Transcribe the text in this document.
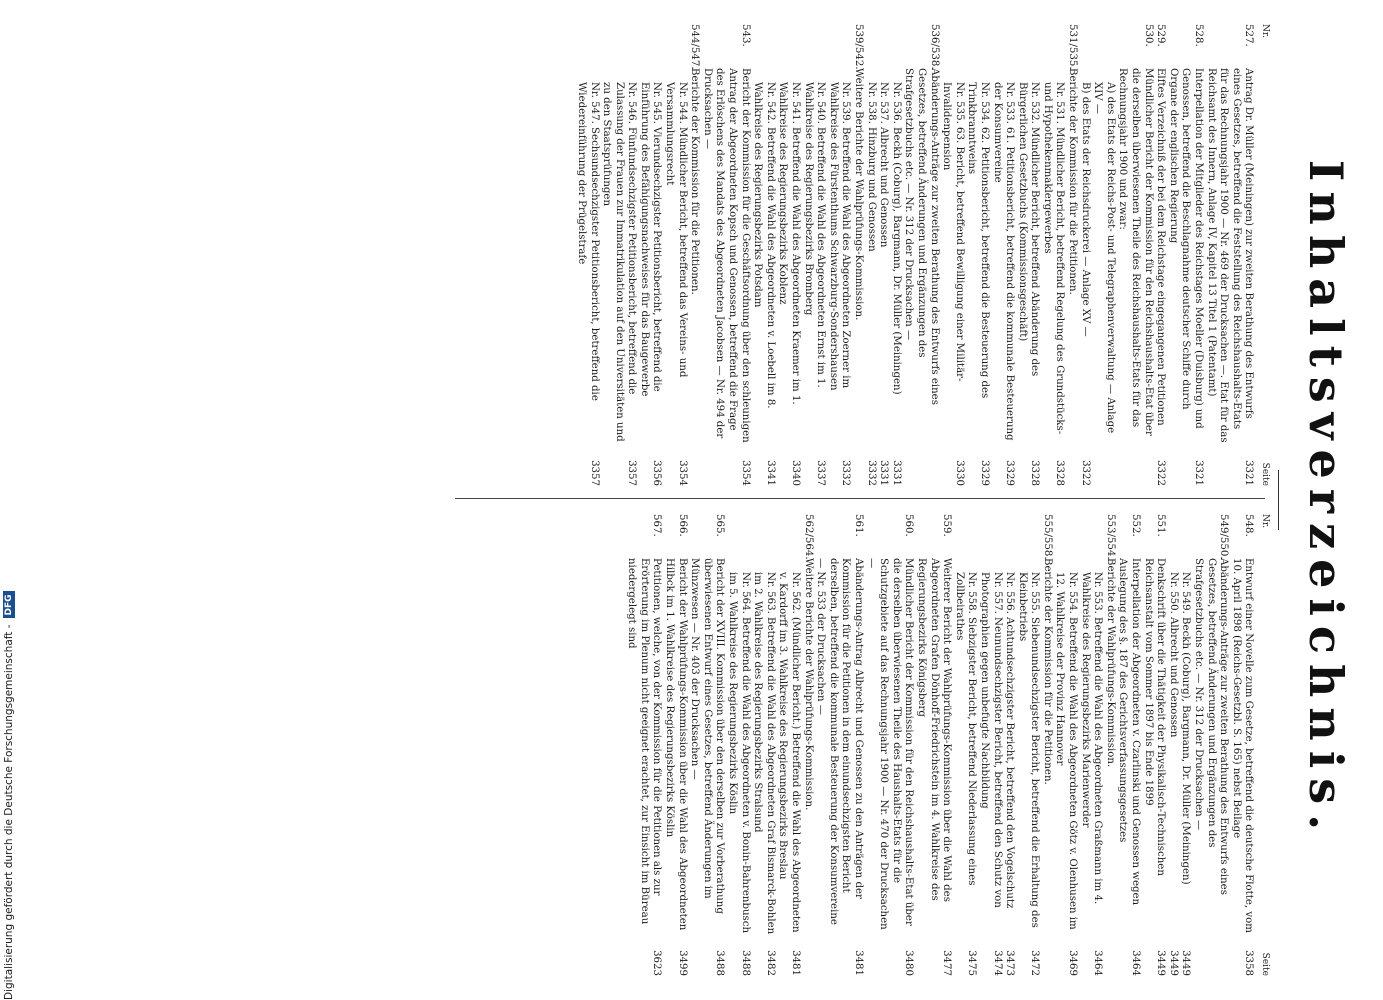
Inhaltsverzeichnis.
Nr.
Seite
527.
Antrag Dr. Müller (Meiningen) zur zweiten Berathung des Entwurfs eines Gesetzes, betreffend die Feststellung des Reichshaushalts-Etats für das Rechnungsjahr 1900 — Nr. 469 der Drucksachen —. Etat für das Reichsamt des Innern, Anlage IV, Kapitel 13 Titel 1 (Patentamt)
3321
528.
Interpellation der Mitglieder des Reichstages Moeller (Duisburg) und Genossen, betreffend die Beschlagnahme deutscher Schiffe durch Organe der englischen Regierung
3321
529.
Elftes Verzeichniß der bei dem Reichstage eingegangenen Petitionen
3322
530.
Mündlicher Bericht der Kommission für den Reichshaushalts-Etat über die derselben überwiesenen Theile des Reichshaushalts-Etats für das Rechnungsjahr 1900 und zwar:
A) des Etats der Reichs-Post- und Telegraphenverwaltung — Anlage XIV —
B) des Etats der Reichsdruckerei — Anlage XV —
3322
531/535.
Berichte der Kommission für die Petitionen.
Nr. 531. Mündlicher Bericht, betreffend Regelung des Grundstücks- und Hypothekenmaklergewerbes
3328
Nr. 532. Mündlicher Bericht, betreffend Abänderung des Bürgerlichen Gesetzbuchs (Kommissionsgeschäft)
3328
Nr. 533. 61. Petitionsbericht, betreffend die kommunale Besteuerung der Konsumvereine
3329
Nr. 534. 62. Petitionsbericht, betreffend die Besteuerung des Trinkbranntweins
3329
Nr. 535. 63. Bericht, betreffend Bewilligung einer Militär-Invalidenpension
3330
536/538.
Abänderungs-Anträge zur zweiten Berathung des Entwurfs eines Gesetzes, betreffend Änderungen und Ergänzungen des Strafgesetzbuchs etc. — Nr. 312 der Drucksachen —
Nr. 536. Beckh (Coburg), Bargmann, Dr. Müller (Meiningen)
3331
Nr. 537. Albrecht und Genossen
3331
Nr. 538. Hinzburg und Genossen
3332
539/542.
Weitere Berichte der Wahlprüfungs-Kommission.
Nr. 539. Betreffend die Wahl des Abgeordneten Zoerner im Wahlkreise des Fürstenthums Schwarzburg-Sondershausen
3332
Nr. 540. Betreffend die Wahl des Abgeordneten Ernst im 1. Wahlkreise des Regierungsbezirks Bromberg
3337
Nr. 541. Betreffend die Wahl des Abgeordneten Kraemer im 1. Wahlkreise des Regierungsbezirks Koblenz
3340
Nr. 542. Betreffend die Wahl des Abgeordneten v. Loebell im 8. Wahlkreise des Regierungsbezirks Potsdam
3341
543.
Bericht der Kommission für die Geschäftsordnung über den schleunigen Antrag der Abgeordneten Kopsch und Genossen, betreffend die Frage des Erlöschens des Mandats des Abgeordneten Jacobsen — Nr. 494 der Drucksachen —
3354
544/547.
Berichte der Kommission für die Petitionen.
Nr. 544. Mündlicher Bericht, betreffend das Vereins- und Versammlungsrecht
3354
Nr. 545. Vierundsechzigster Petitionsbericht, betreffend die Einführung des Befähigungsnachweises für das Baugewerbe
3356
Nr. 546. Fünfundsechzigster Petitionsbericht, betreffend die Zulassung der Frauen zur Immatrikulation auf den Universitäten und zu den Staatsprüfungen
3357
Nr. 547. Sechsundsechzigster Petitionsbericht, betreffend die Wiedereinführung der Prügelstrafe
3357
Nr.
Seite
548.
Entwurf einer Novelle zum Gesetze, betreffend die deutsche Flotte, vom 10. April 1898 (Reichs-Gesetzbl. S. 165) nebst Beilage
3358
549/550.
Abänderungs-Anträge zur zweiten Berathung des Entwurfs eines Gesetzes, betreffend Änderungen und Ergänzungen des Strafgesetzbuchs etc. — Nr. 312 der Drucksachen —
Nr. 549. Beckh (Coburg), Bargmann, Dr. Müller (Meiningen)
3449
Nr. 550. Albrecht und Genossen
3449
551.
Denkschrift über die Thätigkeit der Physikalisch-Technischen Reichsanstalt vom Sommer 1897 bis Ende 1899
3449
552.
Interpellation der Abgeordneten v. Czarlinski und Genossen wegen Auslegung des §. 187 des Gerichtsverfassungsgesetzes
3464
553/554.
Berichte der Wahlprüfungs-Kommission.
Nr. 553. Betreffend die Wahl des Abgeordneten Graßmann im 4. Wahlkreise des Regierungsbezirks Marienwerder
3464
Nr. 554. Betreffend die Wahl des Abgeordneten Götz v. Olenhusen im 12. Wahlkreise der Provinz Hannover
3469
555/558.
Berichte der Kommission für die Petitionen.
Nr. 555. Siebenundsechzigster Bericht, betreffend die Erhaltung des Kleinbetriebs
3472
Nr. 556. Achtundsechzigster Bericht, betreffend den Vogelschutz
3473
Nr. 557. Neunundsechzigster Bericht, betreffend den Schutz von Photographien gegen unbefugte Nachbildung
3474
Nr. 558. Siebzigster Bericht, betreffend Niederlassung eines Zollbeirathes
3475
559.
Weiterer Bericht der Wahlprüfungs-Kommission über die Wahl des Abgeordneten Grafen Dönhoff-Friedrichstein im 4. Wahlkreise des Regierungsbezirks Königsberg
3477
560.
Mündlicher Bericht der Kommission für den Reichshaushalts-Etat über die derselben überwiesenen Theile des Haushalts-Etats für die Schutzgebiete auf das Rechnungsjahr 1900 — Nr. 470 der Drucksachen —
3480
561.
Abänderungs-Antrag Albrecht und Genossen zu den Anträgen der Kommission für die Petitionen in dem einundsechzigsten Bericht derselben, betreffend die kommunale Besteuerung der Konsumvereine — Nr. 533 der Drucksachen —
3481
562/564.
Weitere Berichte der Wahlprüfungs-Kommission.
Nr. 562. (Mündlicher Bericht.) Betreffend die Wahl des Abgeordneten v. Kardorff im 3. Wahlkreise des Regierungsbezirks Breslau
3481
Nr. 563. Betreffend die Wahl des Abgeordneten Graf Bismarck-Bohlen im 2. Wahlkreise des Regierungsbezirks Stralsund
3482
Nr. 564. Betreffend die Wahl des Abgeordneten v. Bonin-Bahrenbusch im 5. Wahlkreise des Regierungsbezirks Köslin
3488
565.
Bericht der XVIII. Kommission über den derselben zur Vorberathung überwiesenen Entwurf eines Gesetzes, betreffend Änderungen im Münzwesen — Nr. 403 der Drucksachen —
3488
566.
Bericht der Wahlprüfungs-Kommission über die Wahl des Abgeordneten Hilbck im 1. Wahlkreise des Regierungsbezirks Köslin
3499
567.
Petitionen, welche, von der Kommission für die Petitionen als zur Erörterung im Plenum nicht geeignet erachtet, zur Einsicht im Büreau niedergelegt sind
3623
Digitalisierung gefördert durch die Deutsche Forschungsgemeinschaft -
DFG
